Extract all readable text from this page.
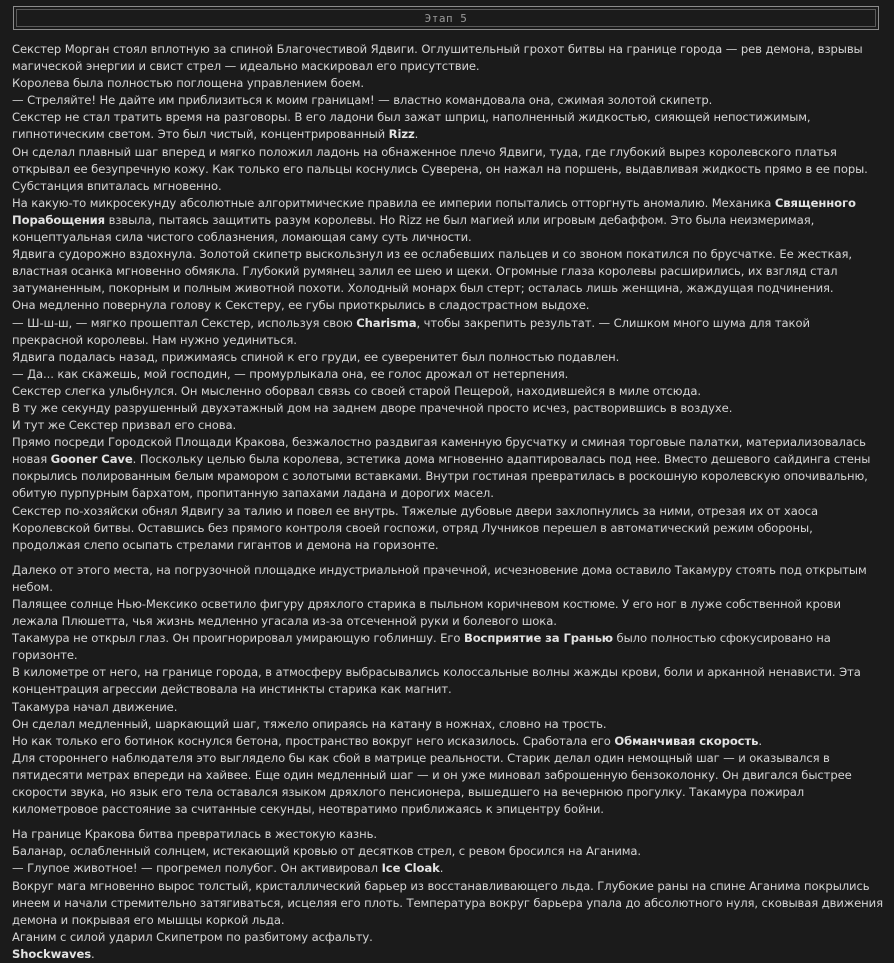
Этап 5

Секстер Морган стоял вплотную за спиной Благочестивой Ядвиги. Оглушительный грохот битвы на границе города — рев демона, взрывы магической энергии и свист стрел — идеально маскировал его присутствие.

Королева была полностью поглощена управлением боем.

— Стреляйте! Не дайте им приблизиться к моим границам! — властно командовала она, сжимая золотой скипетр.

Секстер не стал тратить время на разговоры. В его ладони был зажат шприц, наполненный жидкостью, сияющей непостижимым, гипнотическим светом. Это был чистый, концентрированный Rizz.

Он сделал плавный шаг вперед и мягко положил ладонь на обнаженное плечо Ядвиги, туда, где глубокий вырез королевского платья открывал ее безупречную кожу. Как только его пальцы коснулись Суверена, он нажал на поршень, выдавливая жидкость прямо в ее поры. Субстанция впиталась мгновенно.

На какую-то микросекунду абсолютные алгоритмические правила ее империи попытались отторгнуть аномалию. Механика Священного Порабощения взвыла, пытаясь защитить разум королевы. Но Rizz не был магией или игровым дебаффом. Это была неизмеримая, концептуальная сила чистого соблазнения, ломающая саму суть личности.

Ядвига судорожно вздохнула. Золотой скипетр выскользнул из ее ослабевших пальцев и со звоном покатился по брусчатке. Ее жесткая, властная осанка мгновенно обмякла. Глубокий румянец залил ее шею и щеки. Огромные глаза королевы расширились, их взгляд стал затуманенным, покорным и полным животной похоти. Холодный монарх был стерт; осталась лишь женщина, жаждущая подчинения.

Она медленно повернула голову к Секстеру, ее губы приоткрылись в сладострастном выдохе.

— Ш-ш-ш, — мягко прошептал Секстер, используя свою Charisma, чтобы закрепить результат. — Слишком много шума для такой прекрасной королевы. Нам нужно уединиться.

Ядвига подалась назад, прижимаясь спиной к его груди, ее суверенитет был полностью подавлен.

— Да... как скажешь, мой господин, — промурлыкала она, ее голос дрожал от нетерпения.

Секстер слегка улыбнулся. Он мысленно оборвал связь со своей старой Пещерой, находившейся в миле отсюда.

В ту же секунду разрушенный двухэтажный дом на заднем дворе прачечной просто исчез, растворившись в воздухе.

И тут же Секстер призвал его снова.

Прямо посреди Городской Площади Кракова, безжалостно раздвигая каменную брусчатку и сминая торговые палатки, материализовалась новая Gooner Cave. Поскольку целью была королева, эстетика дома мгновенно адаптировалась под нее. Вместо дешевого сайдинга стены покрылись полированным белым мрамором с золотыми вставками. Внутри гостиная превратилась в роскошную королевскую опочивальню, обитую пурпурным бархатом, пропитанную запахами ладана и дорогих масел.

Секстер по-хозяйски обнял Ядвигу за талию и повел ее внутрь. Тяжелые дубовые двери захлопнулись за ними, отрезая их от хаоса Королевской битвы. Оставшись без прямого контроля своей госпожи, отряд Лучников перешел в автоматический режим обороны, продолжая слепо осыпать стрелами гигантов и демона на горизонте.

Далеко от этого места, на погрузочной площадке индустриальной прачечной, исчезновение дома оставило Такамуру стоять под открытым небом.

Палящее солнце Нью-Мексико осветило фигуру дряхлого старика в пыльном коричневом костюме. У его ног в луже собственной крови лежала Плюшетта, чья жизнь медленно угасала из-за отсеченной руки и болевого шока.

Такамура не открыл глаз. Он проигнорировал умирающую гоблиншу. Его Восприятие за Гранью было полностью сфокусировано на горизонте.

В километре от него, на границе города, в атмосферу выбрасывались колоссальные волны жажды крови, боли и арканной ненависти. Эта концентрация агрессии действовала на инстинкты старика как магнит.

Такамура начал движение.

Он сделал медленный, шаркающий шаг, тяжело опираясь на катану в ножнах, словно на трость.

Но как только его ботинок коснулся бетона, пространство вокруг него исказилось. Сработала его Обманчивая скорость.

Для стороннего наблюдателя это выглядело бы как сбой в матрице реальности. Старик делал один немощный шаг — и оказывался в пятидесяти метрах впереди на хайвее. Еще один медленный шаг — и он уже миновал заброшенную бензоколонку. Он двигался быстрее скорости звука, но язык его тела оставался языком дряхлого пенсионера, вышедшего на вечернюю прогулку. Такамура пожирал километровое расстояние за считанные секунды, неотвратимо приближаясь к эпицентру бойни.

На границе Кракова битва превратилась в жестокую казнь.

Баланар, ослабленный солнцем, истекающий кровью от десятков стрел, с ревом бросился на Аганима.

— Глупое животное! — прогремел полубог. Он активировал Ice Cloak.

Вокруг мага мгновенно вырос толстый, кристаллический барьер из восстанавливающего льда. Глубокие раны на спине Аганима покрылись инеем и начали стремительно затягиваться, исцеляя его плоть. Температура вокруг барьера упала до абсолютного нуля, сковывая движения демона и покрывая его мышцы коркой льда.

Аганим с силой ударил Скипетром по разбитому асфальту.

Shockwaves.
